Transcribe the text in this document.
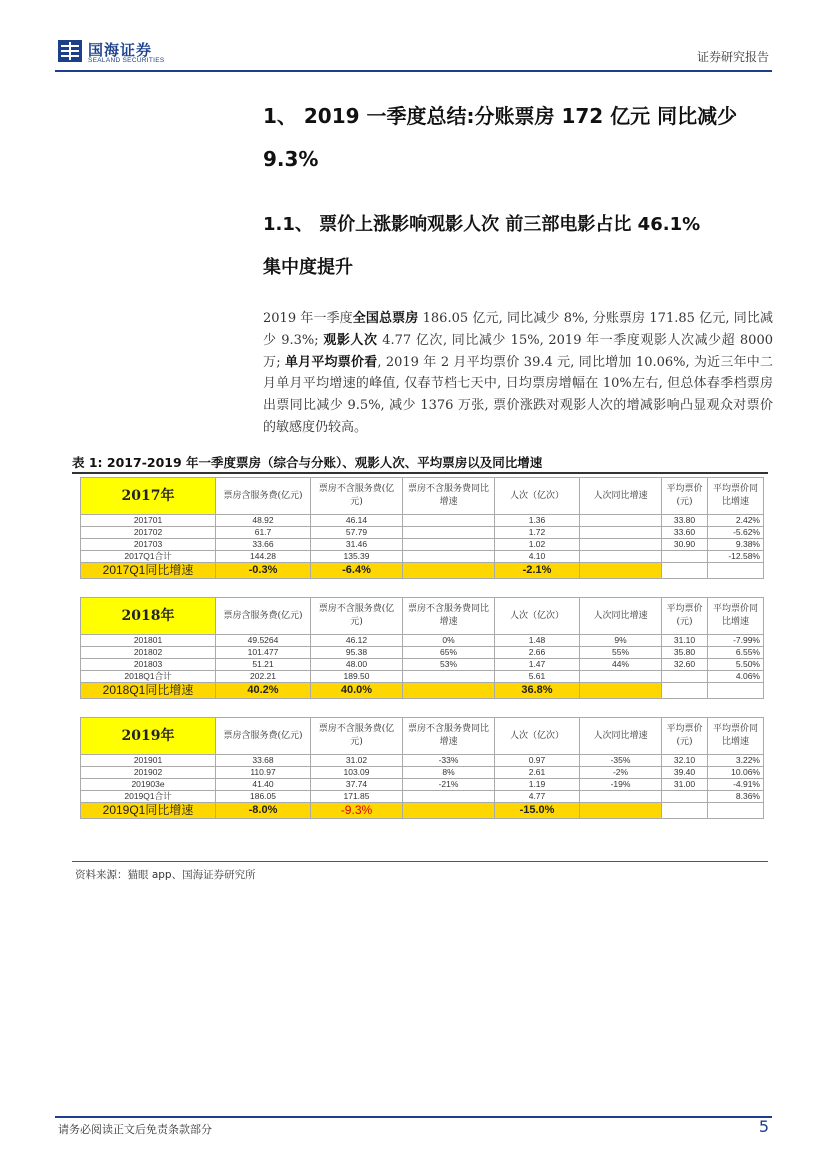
国海证券
SEALAND SECURITIES	证券研究报告
1、 2019 一季度总结:分账票房 172 亿元 同比减少
9.3%
1.1、 票价上涨影响观影人次 前三部电影占比 46.1%
集中度提升
2019 年一季度全国总票房 186.05 亿元, 同比减少 8%, 分账票房 171.85 亿元, 同比减少 9.3%; 观影人次 4.77 亿次, 同比减少 15%, 2019 年一季度观影人次减少超 8000 万; 单月平均票价看, 2019 年 2 月平均票价 39.4 元, 同比增加 10.06%, 为近三年中二月单月平均增速的峰值, 仅春节档七天中, 日均票房增幅在 10%左右, 但总体春季档票房出票同比减少 9.5%, 减少 1376 万张, 票价涨跌对观影人次的增减影响凸显观众对票价的敏感度仍较高。
表 1: 2017-2019 年一季度票房（综合与分账）、观影人次、平均票房以及同比增速
2017年	票房含服务费(亿元)	票房不含服务费(亿元)	票房不含服务费同比增速	人次（亿次）	人次同比增速	平均票价(元)	平均票价同比增速
201701	48.92	46.14		1.36		33.80	2.42%
201702	61.7	57.79		1.72		33.60	-5.62%
201703	33.66	31.46		1.02		30.90	9.38%
2017Q1合计	144.28	135.39		4.10			-12.58%
2017Q1同比增速	-0.3%	-6.4%		-2.1%			

2018年	票房含服务费(亿元)	票房不含服务费(亿元)	票房不含服务费同比增速	人次（亿次）	人次同比增速	平均票价(元)	平均票价同比增速
201801	49.5264	46.12	0%	1.48	9%	31.10	-7.99%
201802	101.477	95.38	65%	2.66	55%	35.80	6.55%
201803	51.21	48.00	53%	1.47	44%	32.60	5.50%
2018Q1合计	202.21	189.50		5.61			4.06%
2018Q1同比增速	40.2%	40.0%		36.8%			

2019年	票房含服务费(亿元)	票房不含服务费(亿元)	票房不含服务费同比增速	人次（亿次）	人次同比增速	平均票价(元)	平均票价同比增速
201901	33.68	31.02	-33%	0.97	-35%	32.10	3.22%
201902	110.97	103.09	8%	2.61	-2%	39.40	10.06%
201903e	41.40	37.74	-21%	1.19	-19%	31.00	-4.91%
2019Q1合计	186.05	171.85		4.77			8.36%
2019Q1同比增速	-8.0%	-9.3%		-15.0%			
资料来源：猫眼 app、国海证券研究所
请务必阅读正文后免责条款部分	5
